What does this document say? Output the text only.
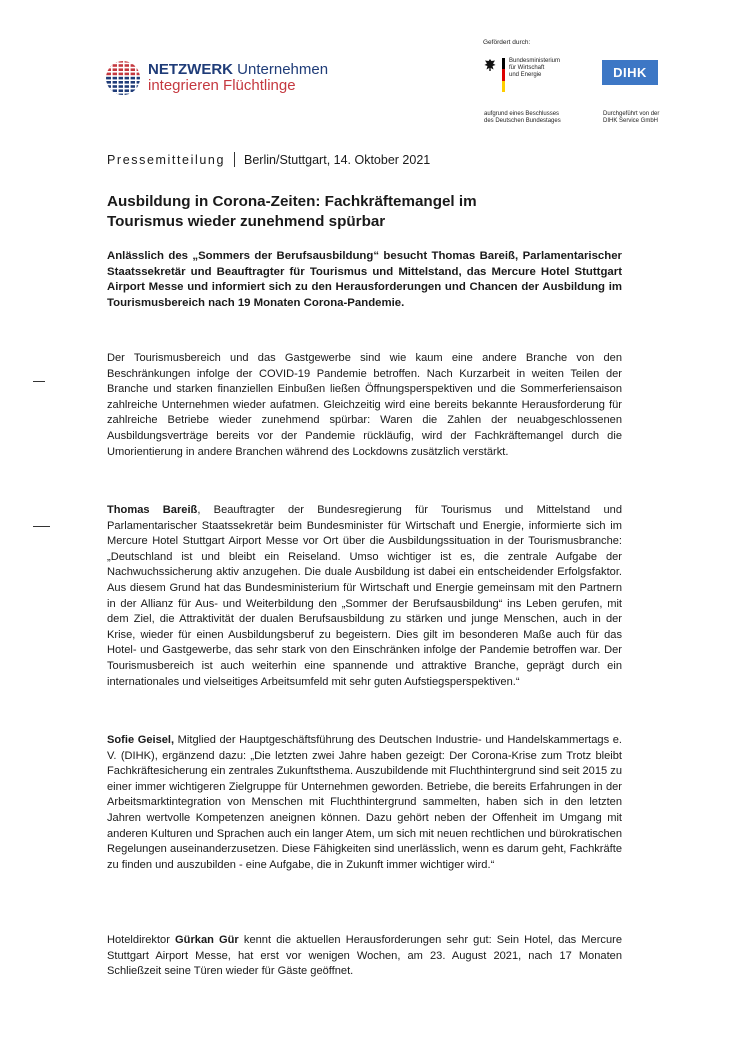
NETZWERK Unternehmen
integrieren Flüchtlinge
Gefördert durch:
Bundesministerium
für Wirtschaft
und Energie	DIHK
aufgrund eines Beschlusses
des Deutschen Bundestages
Durchgeführt von der
DIHK Service GmbH
Pressemitteilung Berlin/Stuttgart, 14. Oktober 2021
Ausbildung in Corona-Zeiten: Fachkräftemangel im
Tourismus wieder zunehmend spürbar

Anlässlich des „Sommers der Berufsausbildung“ besucht Thomas Bareiß, Parlamentarischer Staatssekretär und Beauftragter für Tourismus und Mittelstand, das Mercure Hotel Stuttgart Airport Messe und informiert sich zu den Herausforderungen und Chancen der Ausbildung im Tourismusbereich nach 19 Monaten Corona-Pandemie.

Der Tourismusbereich und das Gastgewerbe sind wie kaum eine andere Branche von den Beschränkungen infolge der COVID-19 Pandemie betroffen. Nach Kurzarbeit in weiten Teilen der Branche und starken finanziellen Einbußen ließen Öffnungsperspektiven und die Sommerferiensaison zahlreiche Unternehmen wieder aufatmen. Gleichzeitig wird eine bereits bekannte Herausforderung für zahlreiche Betriebe wieder zunehmend spürbar: Waren die Zahlen der neuabgeschlossenen Ausbildungsverträge bereits vor der Pandemie rückläufig, wird der Fachkräftemangel durch die Umorientierung in andere Branchen während des Lockdowns zusätzlich verstärkt.

Thomas Bareiß, Beauftragter der Bundesregierung für Tourismus und Mittelstand und Parlamentarischer Staatssekretär beim Bundesminister für Wirtschaft und Energie, informierte sich im Mercure Hotel Stuttgart Airport Messe vor Ort über die Ausbildungssituation in der Tourismusbranche: „Deutschland ist und bleibt ein Reiseland. Umso wichtiger ist es, die zentrale Aufgabe der Nachwuchssicherung aktiv anzugehen. Die duale Ausbildung ist dabei ein entscheidender Erfolgsfaktor. Aus diesem Grund hat das Bundesministerium für Wirtschaft und Energie gemeinsam mit den Partnern in der Allianz für Aus- und Weiterbildung den „Sommer der Berufsausbildung“ ins Leben gerufen, mit dem Ziel, die Attraktivität der dualen Berufsausbildung zu stärken und junge Menschen, auch in der Krise, wieder für einen Ausbildungsberuf zu begeistern. Dies gilt im besonderen Maße auch für das Hotel- und Gastgewerbe, das sehr stark von den Einschränken infolge der Pandemie betroffen war. Der Tourismusbereich ist auch weiterhin eine spannende und attraktive Branche, geprägt durch ein internationales und vielseitiges Arbeitsumfeld mit sehr guten Aufstiegsperspektiven.“

Sofie Geisel, Mitglied der Hauptgeschäftsführung des Deutschen Industrie- und Handelskammertags e. V. (DIHK), ergänzend dazu: „Die letzten zwei Jahre haben gezeigt: Der Corona-Krise zum Trotz bleibt Fachkräftesicherung ein zentrales Zukunftsthema. Auszubildende mit Fluchthintergrund sind seit 2015 zu einer immer wichtigeren Zielgruppe für Unternehmen geworden. Betriebe, die bereits Erfahrungen in der Arbeitsmarktintegration von Menschen mit Fluchthintergrund sammelten, haben sich in den letzten Jahren wertvolle Kompetenzen aneignen können. Dazu gehört neben der Offenheit im Umgang mit anderen Kulturen und Sprachen auch ein langer Atem, um sich mit neuen rechtlichen und bürokratischen Regelungen auseinanderzusetzen. Diese Fähigkeiten sind unerlässlich, wenn es darum geht, Fachkräfte zu finden und auszubilden - eine Aufgabe, die in Zukunft immer wichtiger wird.“

Hoteldirektor Gürkan Gür kennt die aktuellen Herausforderungen sehr gut: Sein Hotel, das Mercure Stuttgart Airport Messe, hat erst vor wenigen Wochen, am 23. August 2021, nach 17 Monaten Schließzeit seine Türen wieder für Gäste geöffnet.
